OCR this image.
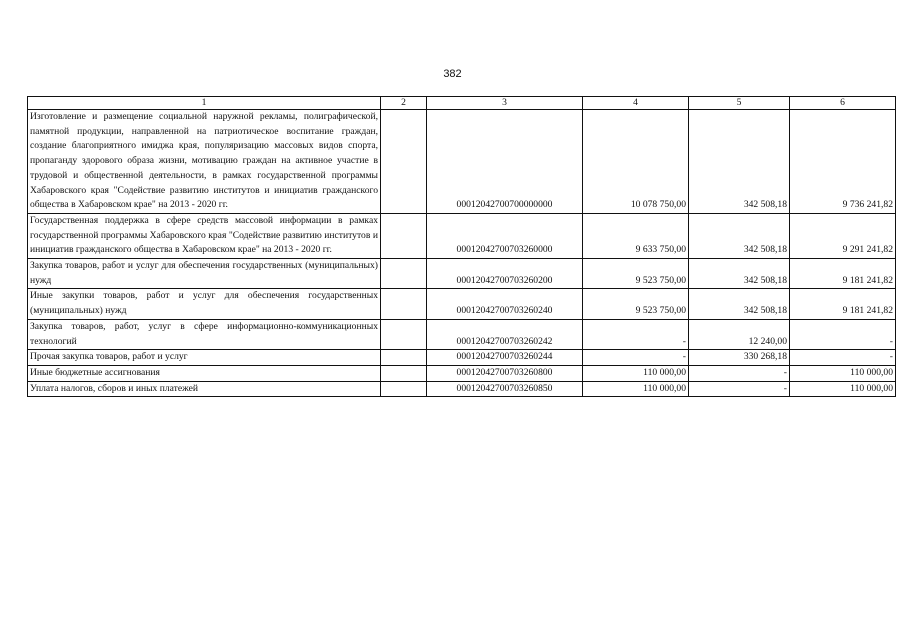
382
1	2	3	4	5	6
Изготовление и размещение социальной наружной рекламы, полиграфической, памятной продукции, направленной на патриотическое воспитание граждан, создание благоприятного имиджа края, популяризацию массовых видов спорта, пропаганду здорового образа жизни, мотивацию граждан на активное участие в трудовой и общественной деятельности, в рамках государственной программы Хабаровского края "Содействие развитию институтов и инициатив гражданского общества в Хабаровском крае" на 2013 - 2020 гг.		00012042700700000000	10 078 750,00	342 508,18	9 736 241,82
Государственная поддержка в сфере средств массовой информации в рамках государственной программы Хабаровского края "Содействие развитию институтов и инициатив гражданского общества в Хабаровском крае" на 2013 - 2020 гг.		00012042700703260000	9 633 750,00	342 508,18	9 291 241,82
Закупка товаров, работ и услуг для обеспечения государственных (муниципальных) нужд		00012042700703260200	9 523 750,00	342 508,18	9 181 241,82
Иные закупки товаров, работ и услуг для обеспечения государственных (муниципальных) нужд		00012042700703260240	9 523 750,00	342 508,18	9 181 241,82
Закупка товаров, работ, услуг в сфере информационно-коммуникационных технологий		00012042700703260242	-	12 240,00	-
Прочая закупка товаров, работ и услуг		00012042700703260244	-	330 268,18	-
Иные бюджетные ассигнования		00012042700703260800	110 000,00	-	110 000,00
Уплата налогов, сборов и иных платежей		00012042700703260850	110 000,00	-	110 000,00
